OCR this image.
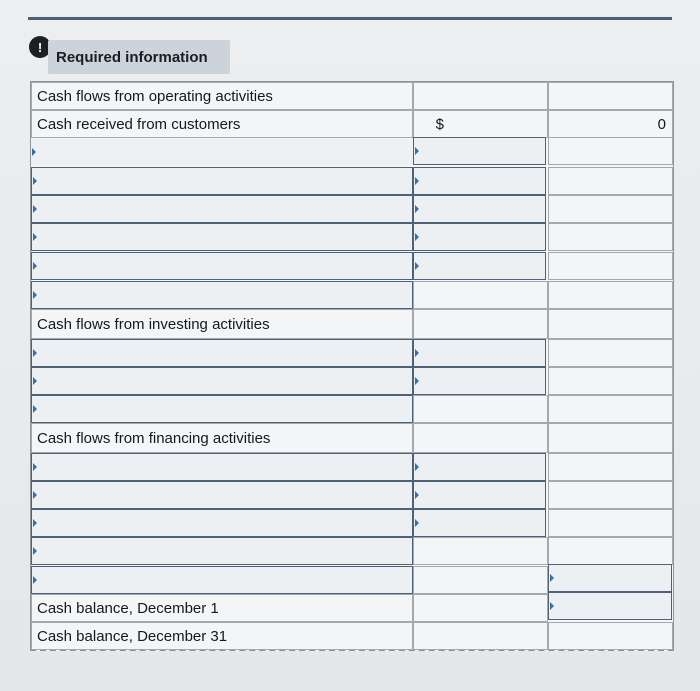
!
Required information
Cash flows from operating activities
Cash received from customers	$	0
Cash flows from investing activities
Cash flows from financing activities
Cash balance, December 1
Cash balance, December 31
